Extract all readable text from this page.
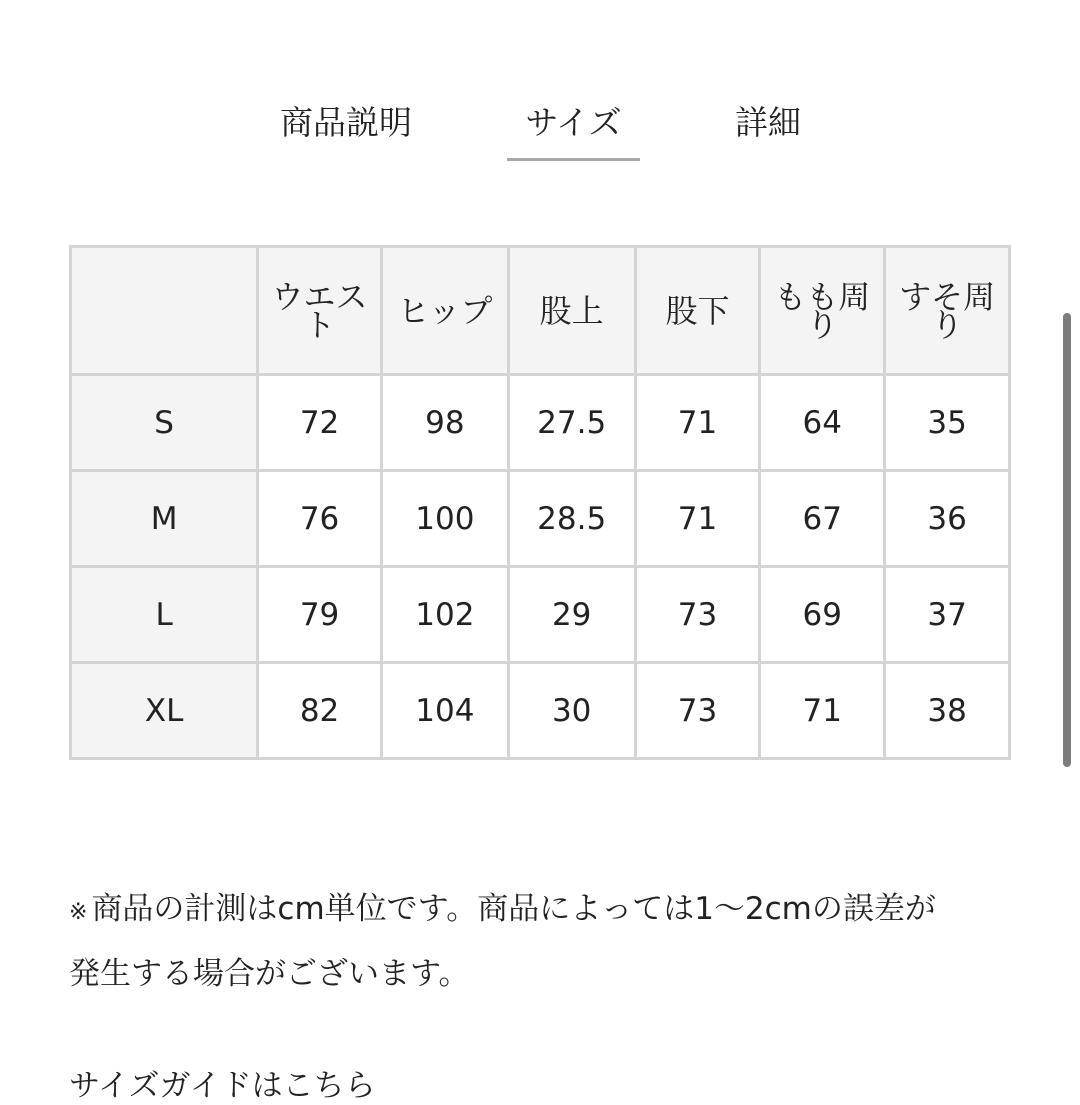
商品説明	サイズ	詳細
	ウエスト	ヒップ	股上	股下	もも周り	すそ周り
S	72	98	27.5	71	64	35
M	76	100	28.5	71	67	36
L	79	102	29	73	69	37
XL	82	104	30	73	71	38
※ 商品の計測はcm単位です。商品によっては1〜2cmの誤差が
発生する場合がございます。
サイズガイドはこちら
